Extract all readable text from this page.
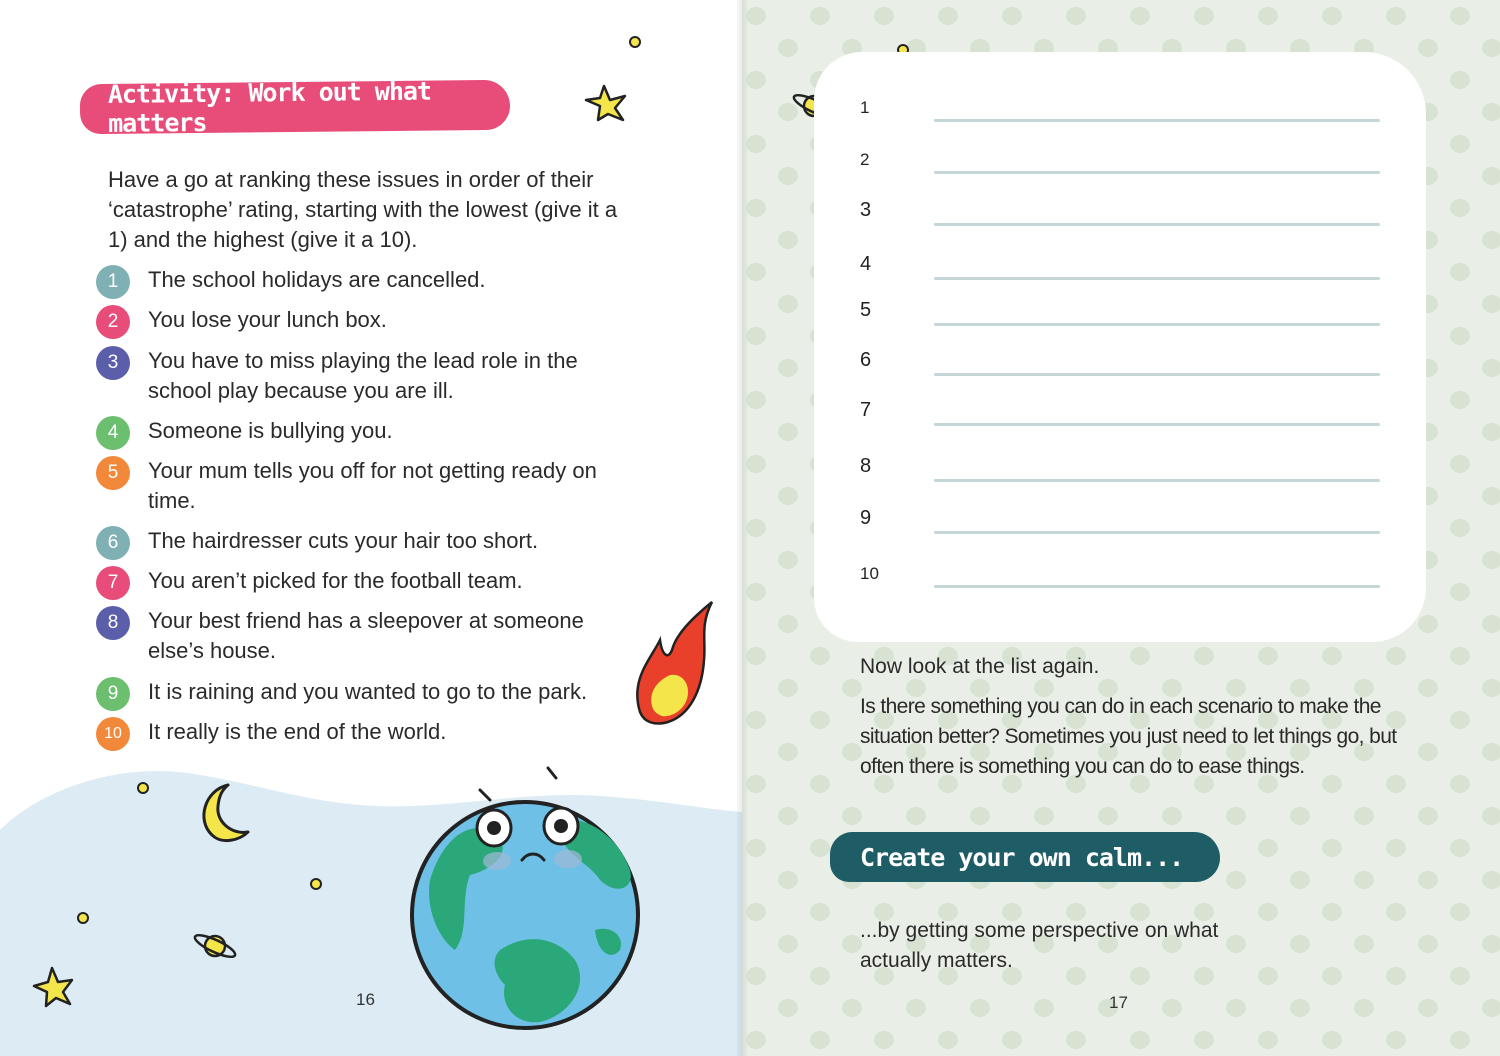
Activity: Work out what matters

Have a go at ranking these issues in order of their ‘catastrophe’ rating, starting with the lowest (give it a 1) and the highest (give it a 10).

1	The school holidays are cancelled.
2	You lose your lunch box.
3	You have to miss playing the lead role in the school play because you are ill.
4	Someone is bullying you.
5	Your mum tells you off for not getting ready on time.
6	The hairdresser cuts your hair too short.
7	You aren’t picked for the football team.
8	Your best friend has a sleepover at someone else’s house.
9	It is raining and you wanted to go to the park.
10	It really is the end of the world.
16
1
2
3
4
5
6
7
8
9
10

Now look at the list again.

Is there something you can do in each scenario to make the situation better? Sometimes you just need to let things go, but often there is something you can do to ease things.

Create your own calm...

...by getting some perspective on what actually matters.

17
